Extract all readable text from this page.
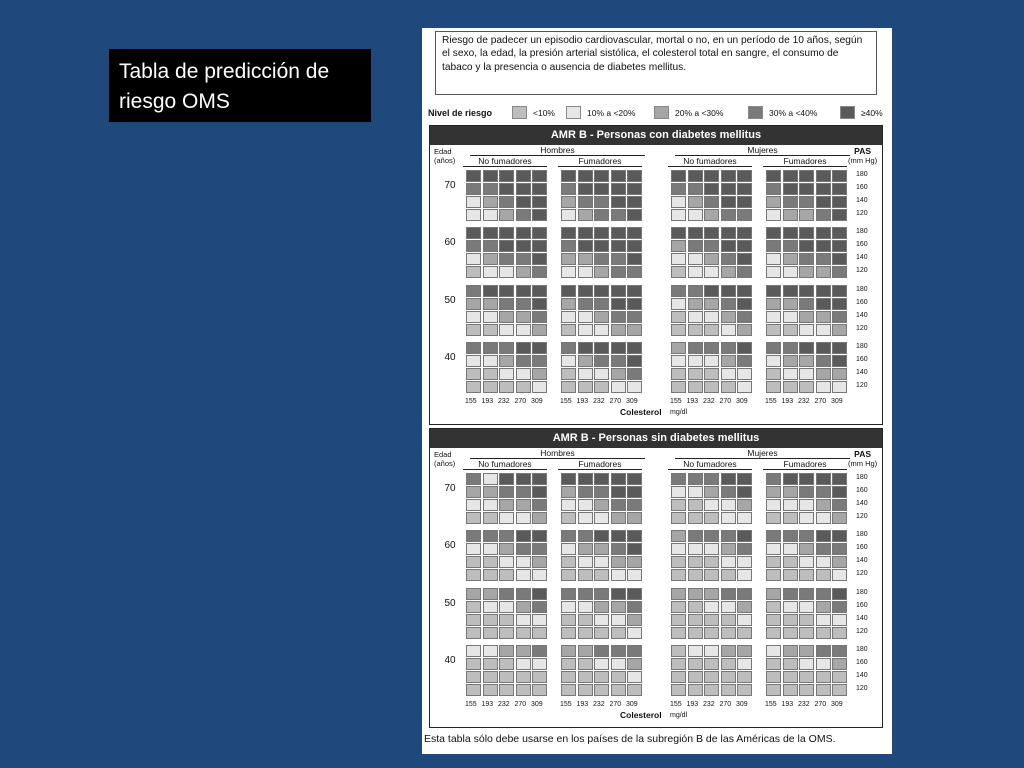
Tabla de predicción de riesgo OMS
Riesgo de padecer un episodio cardiovascular, mortal o no, en un período de 10 años, según el sexo, la edad, la presión arterial sistólica, el colesterol total en sangre, el consumo de tabaco y la presencia o ausencia de diabetes mellitus.
Nivel de riesgo	<10%	10% a <20%	20% a <30%	30% a <40%	≥40%
AMR B - Personas con diabetes mellitus
Edad
(años)
PAS
(mm Hg)
Hombres	Mujeres
No fumadores	Fumadores	No fumadores	Fumadores
70
180
160
140
120
60
180
160
140
120
50
180
160
140
120
40
180
160
140
120
155 193 232 270 309 155 193 232 270 309	155 193 232 270 309 155 193 232 270 309
Colesterol mg/dl
AMR B - Personas sin diabetes mellitus
Edad
(años)
PAS
(mm Hg)
Hombres	Mujeres
No fumadores	Fumadores	No fumadores	Fumadores
70
180
160
140
120
60
180
160
140
120
50
180
160
140
120
40
180
160
140
120
155 193 232 270 309 155 193 232 270 309	155 193 232 270 309 155 193 232 270 309
Colesterol mg/dl
Esta tabla sólo debe usarse en los países de la subregión B de las Américas de la OMS.
